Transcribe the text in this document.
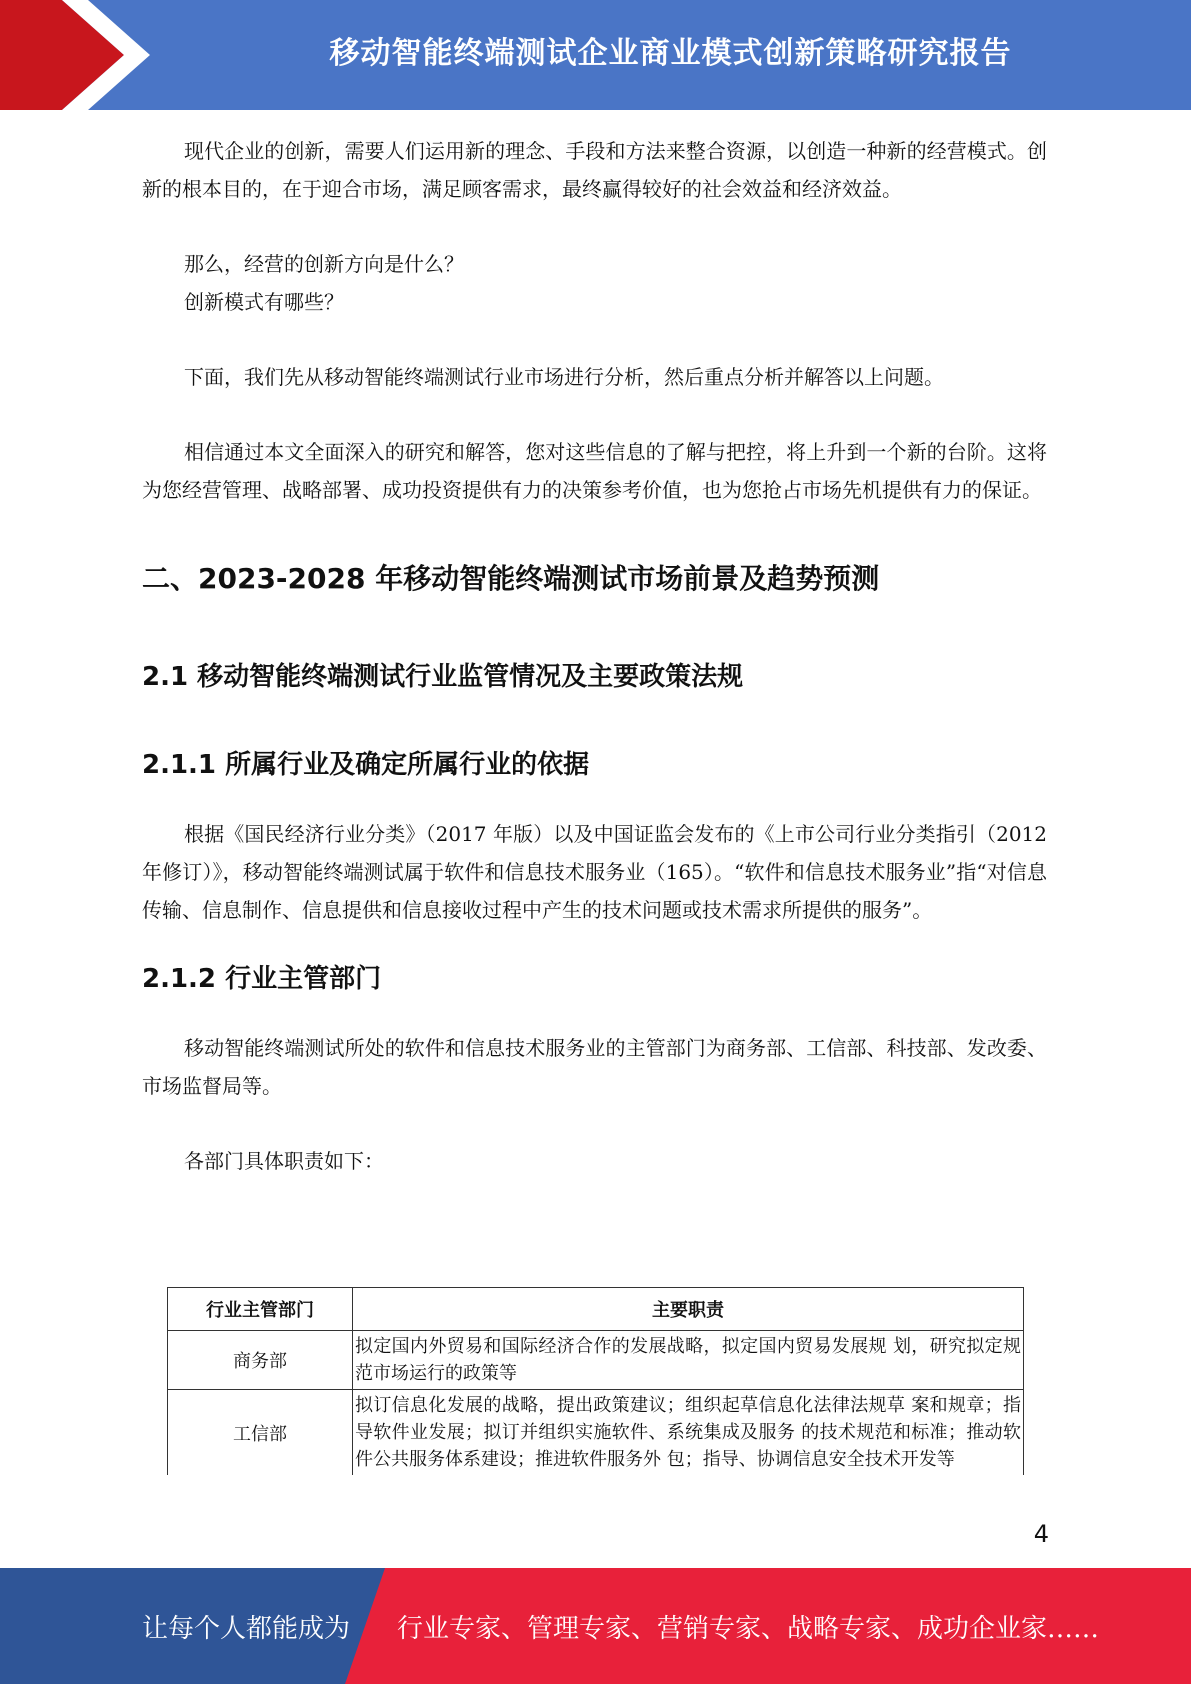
移动智能终端测试企业商业模式创新策略研究报告

现代企业的创新，需要人们运用新的理念、手段和方法来整合资源，以创造一种新的经营模式。创新的根本目的，在于迎合市场，满足顾客需求，最终赢得较好的社会效益和经济效益。

那么，经营的创新方向是什么？

创新模式有哪些？

下面，我们先从移动智能终端测试行业市场进行分析，然后重点分析并解答以上问题。

相信通过本文全面深入的研究和解答，您对这些信息的了解与把控，将上升到一个新的台阶。这将为您经营管理、战略部署、成功投资提供有力的决策参考价值，也为您抢占市场先机提供有力的保证。

二、2023-2028 年移动智能终端测试市场前景及趋势预测
2.1 移动智能终端测试行业监管情况及主要政策法规
2.1.1 所属行业及确定所属行业的依据

根据《国民经济行业分类》（2017 年版）以及中国证监会发布的《上市公司行业分类指引（2012 年修订）》，移动智能终端测试属于软件和信息技术服务业（165）。“软件和信息技术服务业”指“对信息传输、信息制作、信息提供和信息接收过程中产生的技术问题或技术需求所提供的服务”。

2.1.2 行业主管部门

移动智能终端测试所处的软件和信息技术服务业的主管部门为商务部、工信部、科技部、发改委、市场监督局等。

各部门具体职责如下：

行业主管部门	主要职责
商务部	拟定国内外贸易和国际经济合作的发展战略，拟定国内贸易发展规 划，研究拟定规范市场运行的政策等
工信部	拟订信息化发展的战略，提出政策建议；组织起草信息化法律法规草 案和规章；指导软件业发展；拟订并组织实施软件、系统集成及服务 的技术规范和标准；推动软件公共服务体系建设；推进软件服务外 包；指导、协调信息安全技术开发等
4
让每个人都能成为 行业专家、管理专家、营销专家、战略专家、成功企业家……
